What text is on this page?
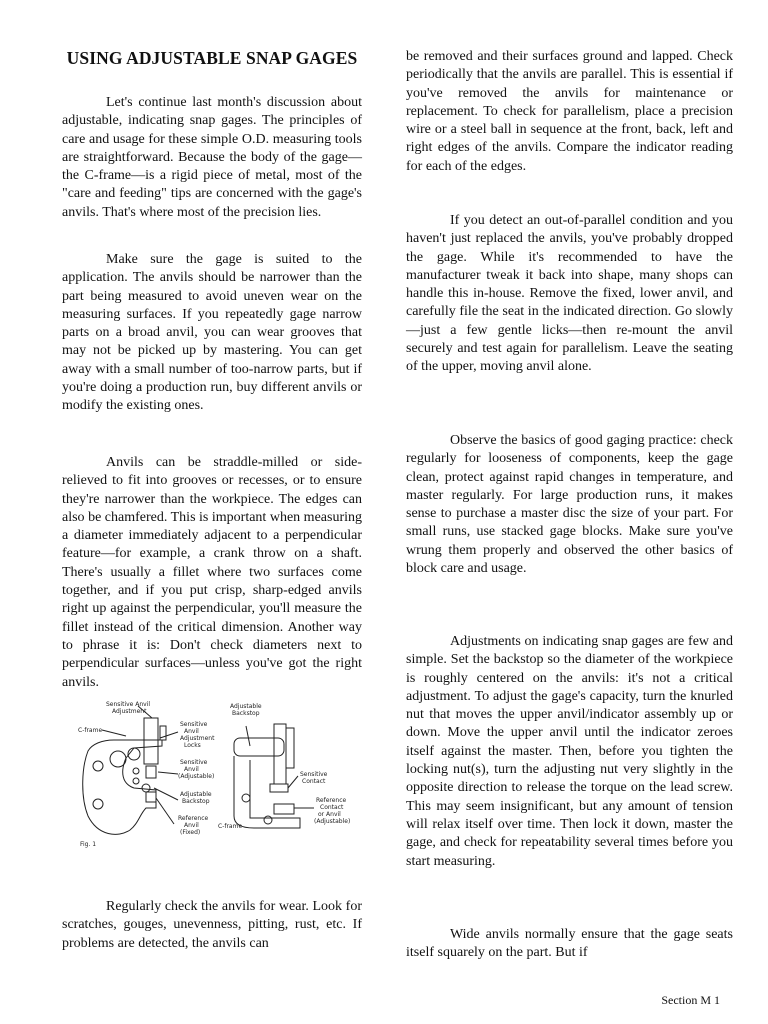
USING ADJUSTABLE SNAP GAGES

Let's continue last month's discussion about adjustable, indicating snap gages. The principles of care and usage for these simple O.D. measuring tools are straightforward. Because the body of the gage—the C-frame—is a rigid piece of metal, most of the "care and feeding" tips are concerned with the gage's anvils. That's where most of the precision lies.

Make sure the gage is suited to the application. The anvils should be narrower than the part being measured to avoid uneven wear on the measuring surfaces. If you repeatedly gage narrow parts on a broad anvil, you can wear grooves that may not be picked up by mastering. You can get away with a small number of too-narrow parts, but if you're doing a production run, buy different anvils or modify the existing ones.

Anvils can be straddle-milled or side-relieved to fit into grooves or recesses, or to ensure they're narrower than the workpiece. The edges can also be chamfered. This is important when measuring a diameter immediately adjacent to a perpendicular feature—for example, a crank throw on a shaft. There's usually a fillet where two surfaces come together, and if you put crisp, sharp-edged anvils right up against the perpendicular, you'll measure the fillet instead of the critical dimension. Another way to phrase it is: Don't check diameters next to perpendicular surfaces—unless you've got the right anvils.

Regularly check the anvils for wear. Look for scratches, gouges, unevenness, pitting, rust, etc. If problems are detected, the anvils can

be removed and their surfaces ground and lapped. Check periodically that the anvils are parallel. This is essential if you've removed the anvils for maintenance or replacement. To check for parallelism, place a precision wire or a steel ball in sequence at the front, back, left and right edges of the anvils. Compare the indicator reading for each of the edges.

If you detect an out-of-parallel condition and you haven't just replaced the anvils, you've probably dropped the gage. While it's recommended to have the manufacturer tweak it back into shape, many shops can handle this in-house. Remove the fixed, lower anvil, and carefully file the seat in the indicated direction. Go slowly—just a few gentle licks—then re-mount the anvil securely and test again for parallelism. Leave the seating of the upper, moving anvil alone.

Observe the basics of good gaging practice: check regularly for looseness of components, keep the gage clean, protect against rapid changes in temperature, and master regularly. For large production runs, it makes sense to purchase a master disc the size of your part. For small runs, use stacked gage blocks. Make sure you've wrung them properly and observed the other basics of block care and usage.

Adjustments on indicating snap gages are few and simple. Set the backstop so the diameter of the workpiece is roughly centered on the anvils: it's not a critical adjustment. To adjust the gage's capacity, turn the knurled nut that moves the upper anvil/indicator assembly up or down. Move the upper anvil until the indicator zeroes itself against the master. Then, before you tighten the locking nut(s), turn the adjusting nut very slightly in the opposite direction to release the torque on the lead screw. This may seem insignificant, but any amount of tension will relax itself over time. Then lock it down, master the gage, and check for repeatability several times before you start measuring.

Wide anvils normally ensure that the gage seats itself squarely on the part. But if

Sensitive Anvil
Adjustment
C-frame
Sensitive
Anvil
Adjustment
Locks
Sensitive
Anvil
(Adjustable)
Adjustable
Backstop
Reference
Anvil
(Fixed)
Adjustable
Backstop
Sensitive
Contact
Reference
Contact
or Anvil
(Adjustable)
C-frame
Fig. 1
Section M 1
